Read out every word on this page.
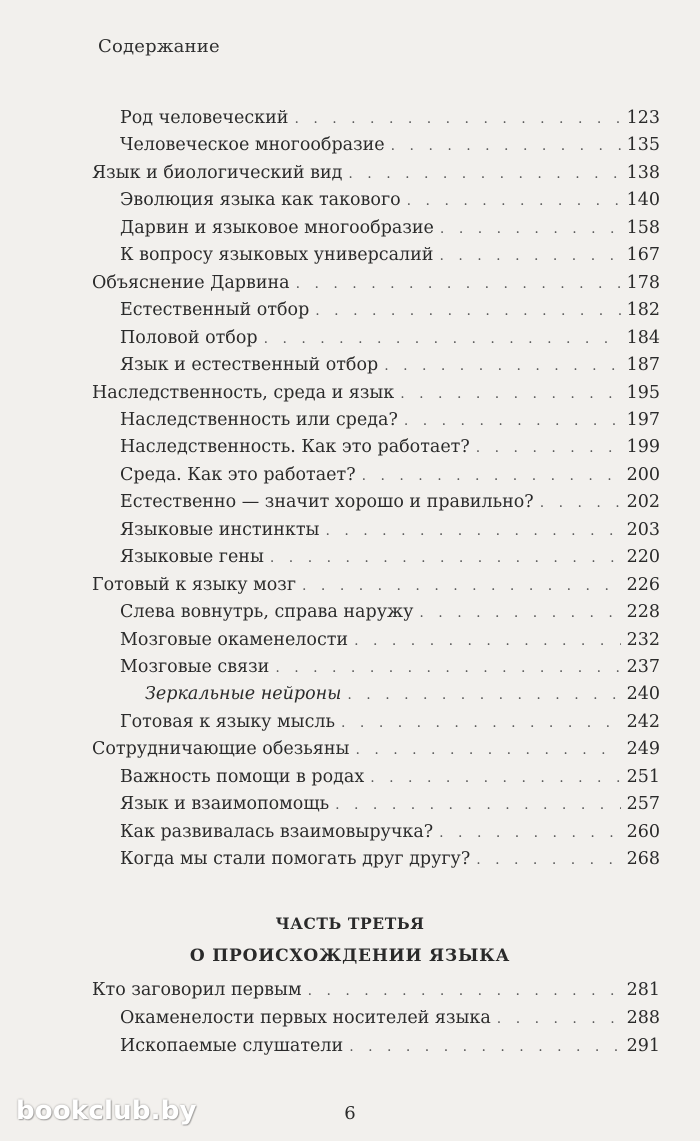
Содержание
Род человеческий . . .	123
Человеческое многообразие . . .	135
Язык и биологический вид . . .	138
Эволюция языка как такового . . .	140
Дарвин и языковое многообразие . . .	158
К вопросу языковых универсалий . . .	167
Объяснение Дарвина . . .	178
Естественный отбор . . .	182
Половой отбор . . .	184
Язык и естественный отбор . . .	187
Наследственность, среда и язык . . .	195
Наследственность или среда? . . .	197
Наследственность. Как это работает? . . .	199
Среда. Как это работает? . . .	200
Естественно — значит хорошо и правильно? . . .	202
Языковые инстинкты . . .	203
Языковые гены . . .	220
Готовый к языку мозг . . .	226
Слева вовнутрь, справа наружу . . .	228
Мозговые окаменелости . . .	232
Мозговые связи . . .	237
Зеркальные нейроны . . .	240
Готовая к языку мысль . . .	242
Сотрудничающие обезьяны . . .	249
Важность помощи в родах . . .	251
Язык и взаимопомощь . . .	257
Как развивалась взаимовыручка? . . .	260
Когда мы стали помогать друг другу? . . .	268
ЧАСТЬ ТРЕТЬЯ
О ПРОИСХОЖДЕНИИ ЯЗЫКА
Кто заговорил первым . . .	281
Окаменелости первых носителей языка . . .	288
Ископаемые слушатели . . .	291
6
bookclub.by
